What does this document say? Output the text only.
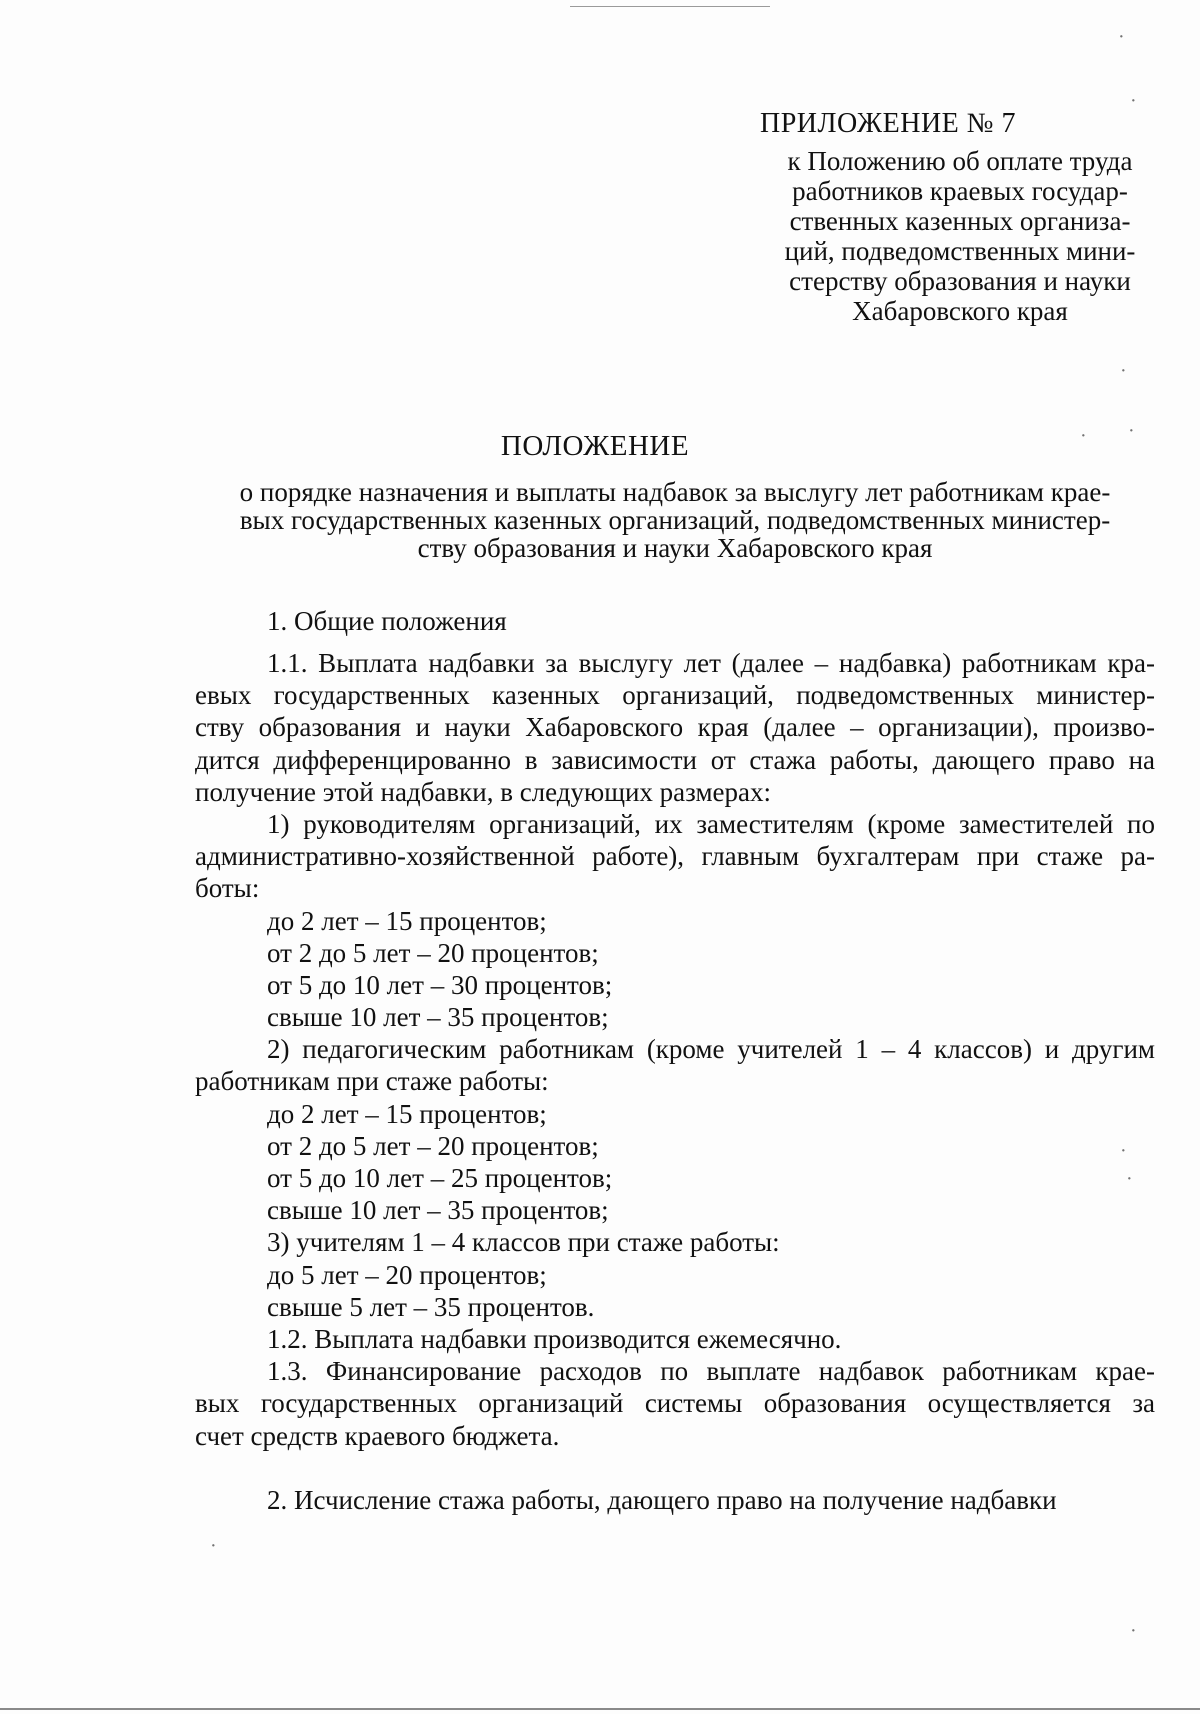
ПРИЛОЖЕНИЕ № 7
к Положению об оплате труда
работников краевых государ-
ственных казенных организа-
ций, подведомственных мини-
стерству образования и науки
Хабаровского края
ПОЛОЖЕНИЕ
о порядке назначения и выплаты надбавок за выслугу лет работникам крае-
вых государственных казенных организаций, подведомственных министер-
ству образования и науки Хабаровского края
1. Общие положения
1.1. Выплата надбавки за выслугу лет (далее – надбавка) работникам кра-
евых государственных казенных организаций, подведомственных министер-
ству образования и науки Хабаровского края (далее – организации), произво-
дится дифференцированно в зависимости от стажа работы, дающего право на
получение этой надбавки, в следующих размерах:
1) руководителям организаций, их заместителям (кроме заместителей по
административно-хозяйственной работе), главным бухгалтерам при стаже ра-
боты:
до 2 лет – 15 процентов;
от 2 до 5 лет – 20 процентов;
от 5 до 10 лет – 30 процентов;
свыше 10 лет – 35 процентов;
2) педагогическим работникам (кроме учителей 1 – 4 классов) и другим
работникам при стаже работы:
до 2 лет – 15 процентов;
от 2 до 5 лет – 20 процентов;
от 5 до 10 лет – 25 процентов;
свыше 10 лет – 35 процентов;
3) учителям 1 – 4 классов при стаже работы:
до 5 лет – 20 процентов;
свыше 5 лет – 35 процентов.
1.2. Выплата надбавки производится ежемесячно.
1.3. Финансирование расходов по выплате надбавок работникам крае-
вых государственных организаций системы образования осуществляется за
счет средств краевого бюджета.
2. Исчисление стажа работы, дающего право на получение надбавки
·
·
·
·
·
·
·
·
·
